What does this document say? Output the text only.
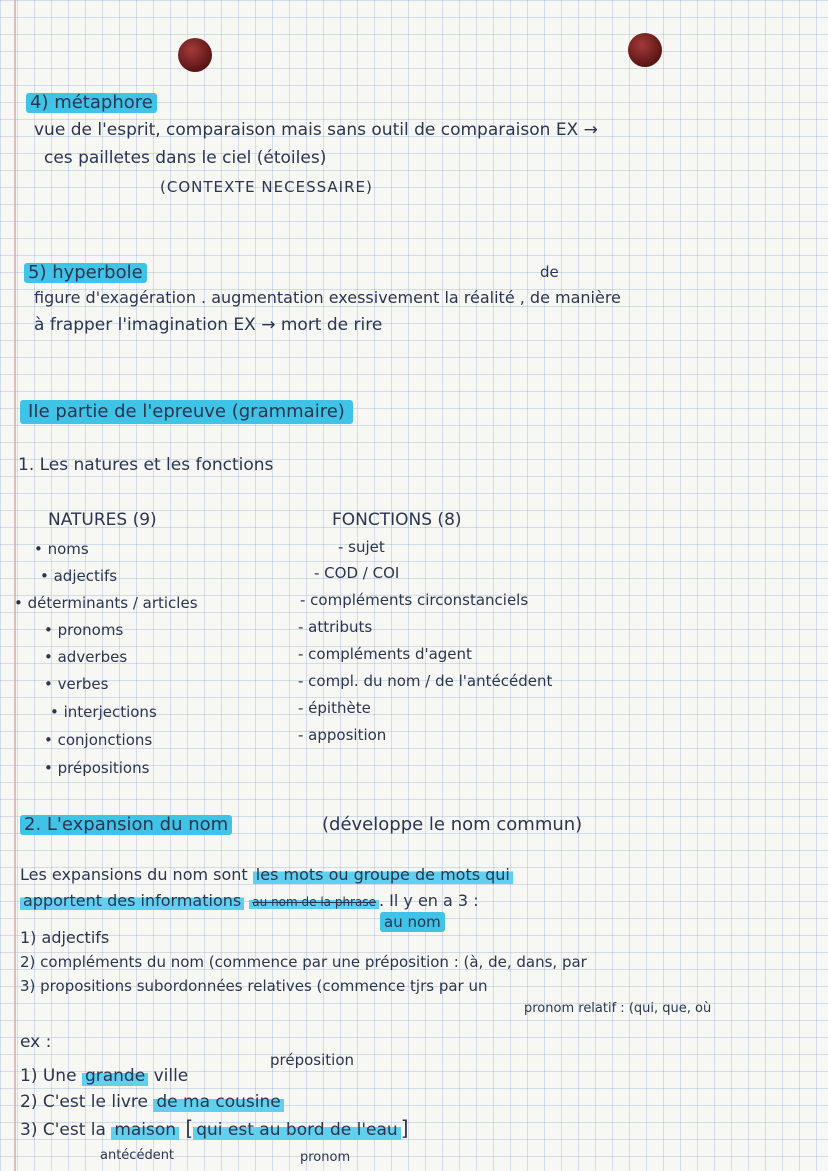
4) métaphore
vue de l'esprit, comparaison mais sans outil de comparaison EX →
ces pailletes dans le ciel (étoiles)
(CONTEXTE NECESSAIRE)
de
5) hyperbole
figure d'exagération . augmentation exessivement la réalité , de manière
à frapper l'imagination EX → mort de rire
IIe partie de l'epreuve (grammaire)
1. Les natures et les fonctions
NATURES (9)
• noms
• adjectifs
• déterminants / articles
• pronoms
• adverbes
• verbes
• interjections
• conjonctions
• prépositions
FONCTIONS (8)
- sujet
- COD / COI
- compléments circonstanciels
- attributs
- compléments d'agent
- compl. du nom / de l'antécédent
- épithète
- apposition
2. L'expansion du nom	(développe le nom commun)
Les expansions du nom sont les mots ou groupe de mots qui
apportent des informations au nom de la phrase . Il y en a 3 :
au nom
1) adjectifs
2) compléments du nom (commence par une préposition : (à, de, dans, par
3) propositions subordonnées relatives (commence tjrs par un
pronom relatif : (qui, que, où
ex :
préposition
1) Une grande ville
2) C'est le livre de ma cousine
3) C'est la maison [ qui est au bord de l'eau ]
antécédent	pronom
